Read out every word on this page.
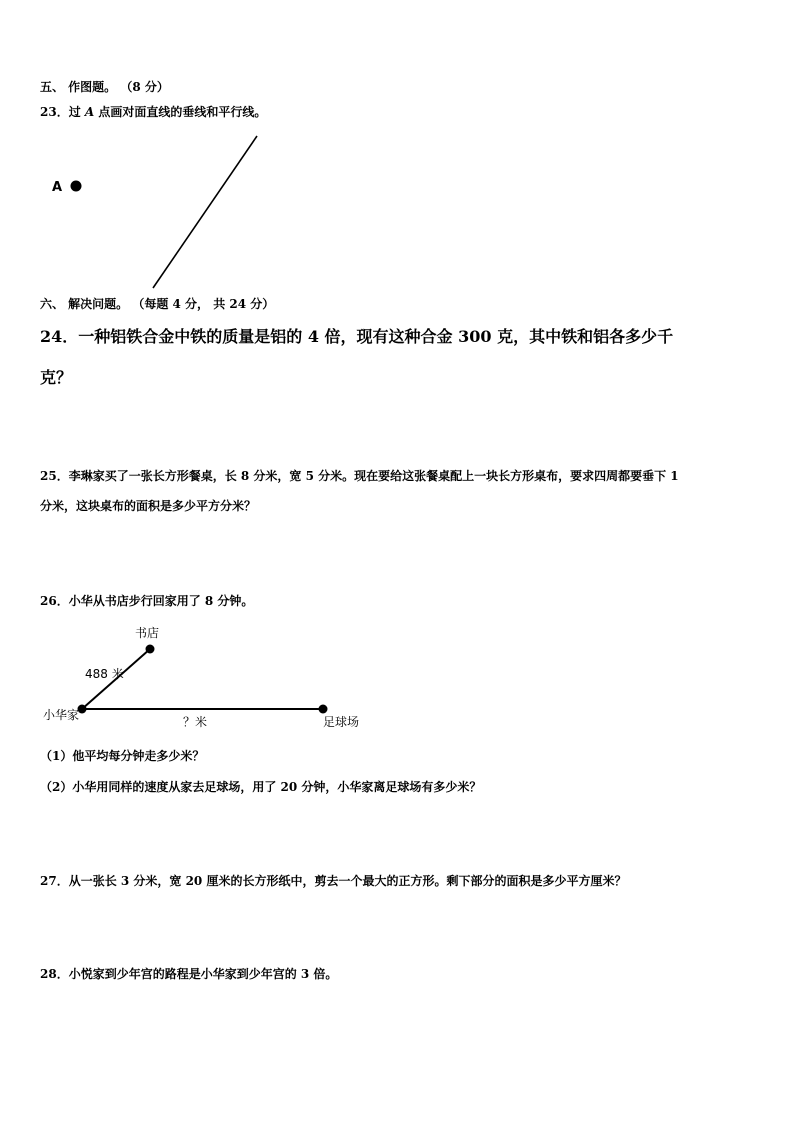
五、 作图题。 （8 分）
23．过 A 点画对面直线的垂线和平行线。
A
六、 解决问题。 （每题 4 分， 共 24 分）
24．一种铝铁合金中铁的质量是铝的 4 倍，现有这种合金 300 克，其中铁和铝各多少千
克？
25．李琳家买了一张长方形餐桌，长 8 分米，宽 5 分米。现在要给这张餐桌配上一块长方形桌布，要求四周都要垂下 1
分米，这块桌布的面积是多少平方分米？
26．小华从书店步行回家用了 8 分钟。
书店
488 米
小华家	？米	足球场
（1）他平均每分钟走多少米？
（2）小华用同样的速度从家去足球场，用了 20 分钟，小华家离足球场有多少米？
27．从一张长 3 分米，宽 20 厘米的长方形纸中，剪去一个最大的正方形。剩下部分的面积是多少平方厘米？
28．小悦家到少年宫的路程是小华家到少年宫的 3 倍。
